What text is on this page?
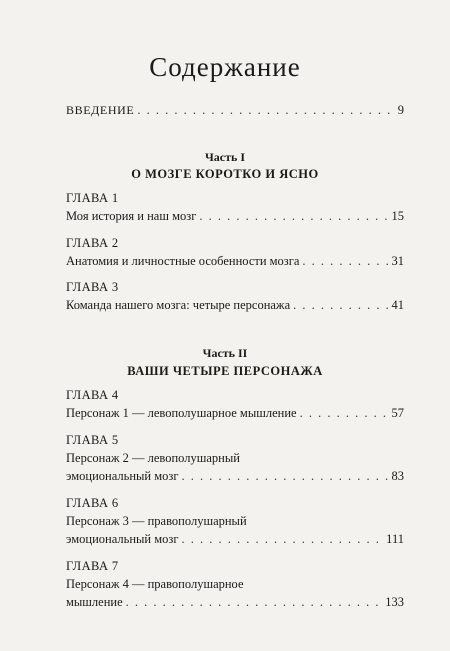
Содержание
ВВЕДЕНИЕ . . .	9
Часть I
О МОЗГЕ КОРОТКО И ЯСНО
ГЛАВА 1
Моя история и наш мозг . . .	15
ГЛАВА 2
Анатомия и личностные особенности мозга . . .	31
ГЛАВА 3
Команда нашего мозга: четыре персонажа . . .	41
Часть II
ВАШИ ЧЕТЫРЕ ПЕРСОНАЖА
ГЛАВА 4
Персонаж 1 — левополушарное мышление . . .	57
ГЛАВА 5
Персонаж 2 — левополушарный
эмоциональный мозг . . .	83
ГЛАВА 6
Персонаж 3 — правополушарный
эмоциональный мозг . . .	111
ГЛАВА 7
Персонаж 4 — правополушарное
мышление . . .	133
